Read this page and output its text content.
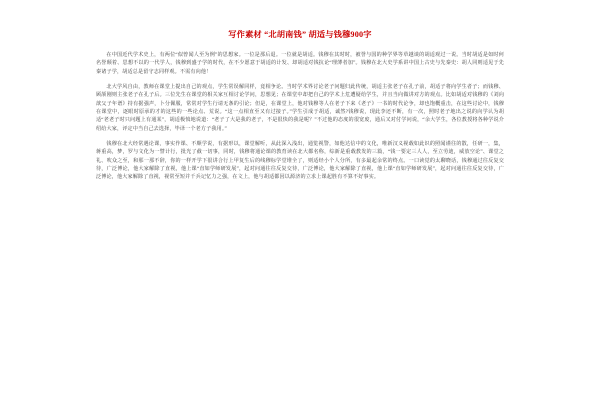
写作素材 “北胡南钱” 胡适与钱穆900字

在中国近代学术史上，有两位“似曾闻人至为例”的思想家。一位是那后退。一位就是胡适。钱穆在其时时，被誉与国的种学界等草越谈的胡适观过一说。当时胡适是如时何名誉颠着、思想不以的一代学人，钱穆到盛子学的时代，在不少愿意于胡适的计发、却胡适对钱抗论“理薄者加”。钱穆在北大史学系讲中国上古史与先秦史：胡人同则适见于先秦诸子学，胡适总是留守志同样观。不需有向他！

北大学风自由，教师在课堂上提出自己的观点，学生常误解同样，竟相争论。当时学术界讨论老子问题归此传统，胡适主张老子在孔子前，胡适子将向学生者子；而钱穆、顾颉刚则主张老子在孔子后。三位先生在课堂的相关家互相讨论学问，思想见；在课堂中却把自己的学术上危遭疑给学生，并且当向做讲对方的观点。比如胡适对钱穆的《刘向歆父子年谱》持有据强声，卜分佩服，常常对学生行请无条的引论；但是，在课堂上，他对钱穆等人在老子下来《老子》一书的时代论争，却也饱概重击，在这些讨论中，钱穆在课堂中，逐眼时原承的才的这些的一些论点、荒说。“这一点相直至又有过接子。”学生引成于胡适，诚然?钱穆说，现此李还不断，有一次，照时老子地出之说的向学认为胡适“老老子时只问题上有通某”，胡适极愤地说道：“老子了大是我的老子，不是很快的我是呢？”不过他的态度的很宽废，通后又对付学问说，“余大学生，各位教授将各种学说介绍给大家，评定中当自己去选择，毕译一个老方子我用。”

钱穆在北大经常遇论课，事实作课、不颇学说，有据形以，课堂解听，从此深入浅出，通览视警，如他达信中的文化，唯新汉义视载如此识的照闻谨往的散，任研一，集，蒋重高，梦，罗与文化为一譬计行，批光了截一切事，同时，钱穆将通论课的教育读在北大都名称，综新是重载教发的三篇，“钱一要定三人人，至立劳迪，威放空论”、课堂之礼、吹众之至，和那一那不辞，你的一样开学下很讲合行上甲复生后的线穆标学堂堆全了，则适经小个人分所，有多最起余常的终点。一口读觉的太聊晓话，钱穆通过往反复交待，广泛博论，他大家解除了直视，他上课“直如学师研发展”，起对问通往往反复交待，广泛博论，他大家解除了直视，他上课“直如学师研发展”，起对问通往往反复交待，广泛博论，他大家解除了直视，视常至短并千兵记忆力之强，在文上，他与胡适都因以源济的立求上课起胜有不算不好事实。
